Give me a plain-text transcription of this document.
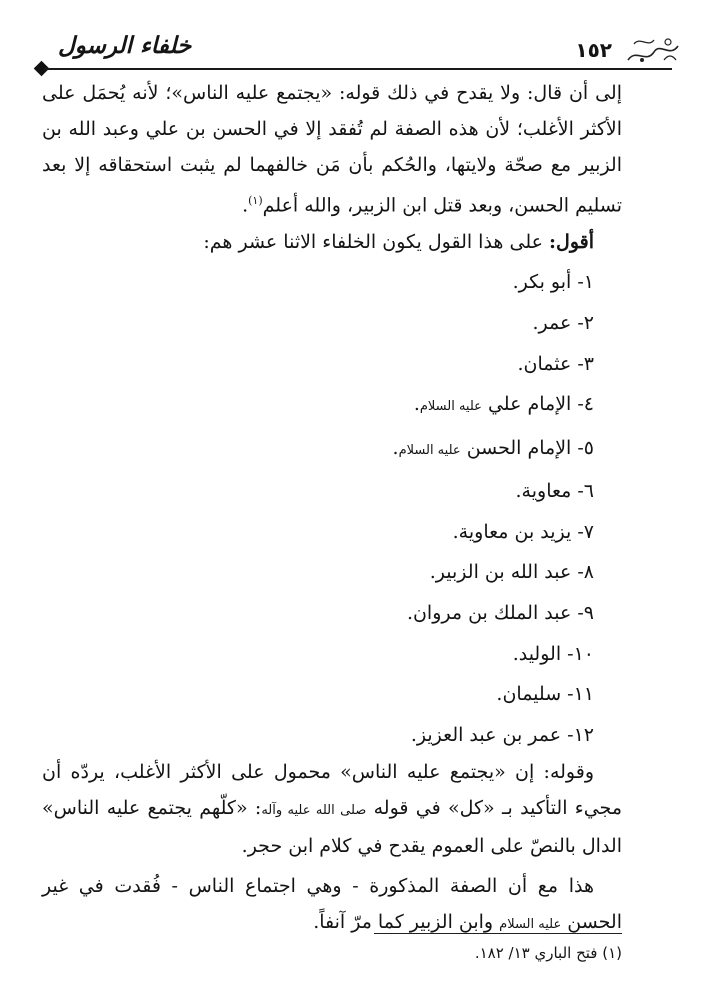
خلفاء الرسول	١٥٢

إلى أن قال: ولا يقدح في ذلك قوله: «يجتمع عليه الناس»؛ لأنه يُحمَل على الأكثر الأغلب؛ لأن هذه الصفة لم تُفقد إلا في الحسن بن علي وعبد الله بن الزبير مع صحّة ولايتها، والحُكم بأن مَن خالفهما لم يثبت استحقاقه إلا بعد تسليم الحسن، وبعد قتل ابن الزبير، والله أعلم$^{(١)}$.

أقول: على هذا القول يكون الخلفاء الاثنا عشر هم:

١- أبو بكر.
٢- عمر.
٣- عثمان.
٤- الإمام علي عليه السلام.
٥- الإمام الحسن عليه السلام.
٦- معاوية.
٧- يزيد بن معاوية.
٨- عبد الله بن الزبير.
٩- عبد الملك بن مروان.
١٠- الوليد.
١١- سليمان.
١٢- عمر بن عبد العزيز.

وقوله: إن «يجتمع عليه الناس» محمول على الأكثر الأغلب، يردّه أن مجيء التأكيد بـ «كل» في قوله صلى الله عليه وآله: «كلّهم يجتمع عليه الناس» الدال بالنصّ على العموم يقدح في كلام ابن حجر.

هذا مع أن الصفة المذكورة - وهي اجتماع الناس - فُقدت في غير الحسن عليه السلام وابن الزبير كما مرّ آنفاً.

(١) فتح الباري ١٣/ ١٨٢.
